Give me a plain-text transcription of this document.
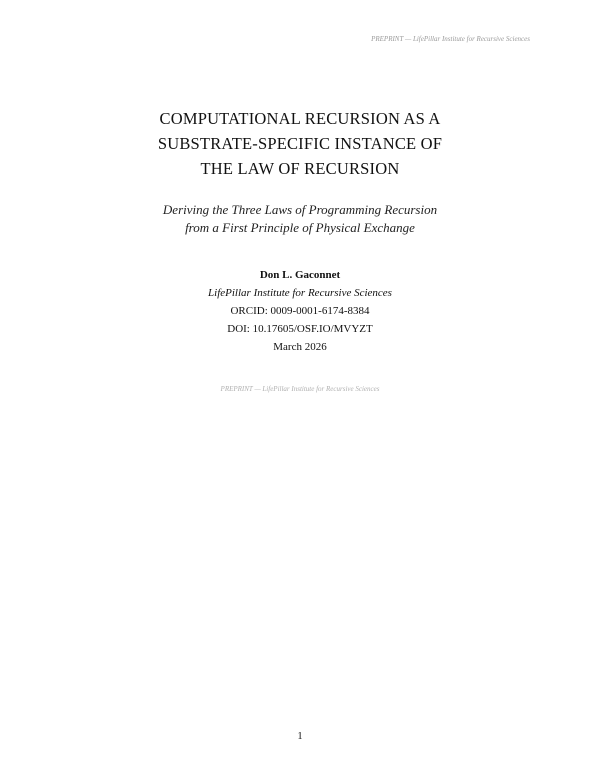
PREPRINT — LifePillar Institute for Recursive Sciences
COMPUTATIONAL RECURSION AS A
SUBSTRATE-SPECIFIC INSTANCE OF
THE LAW OF RECURSION
Deriving the Three Laws of Programming Recursion
from a First Principle of Physical Exchange
Don L. Gaconnet
LifePillar Institute for Recursive Sciences
ORCID: 0009-0001-6174-8384
DOI: 10.17605/OSF.IO/MVYZT
March 2026
PREPRINT — LifePillar Institute for Recursive Sciences
1
